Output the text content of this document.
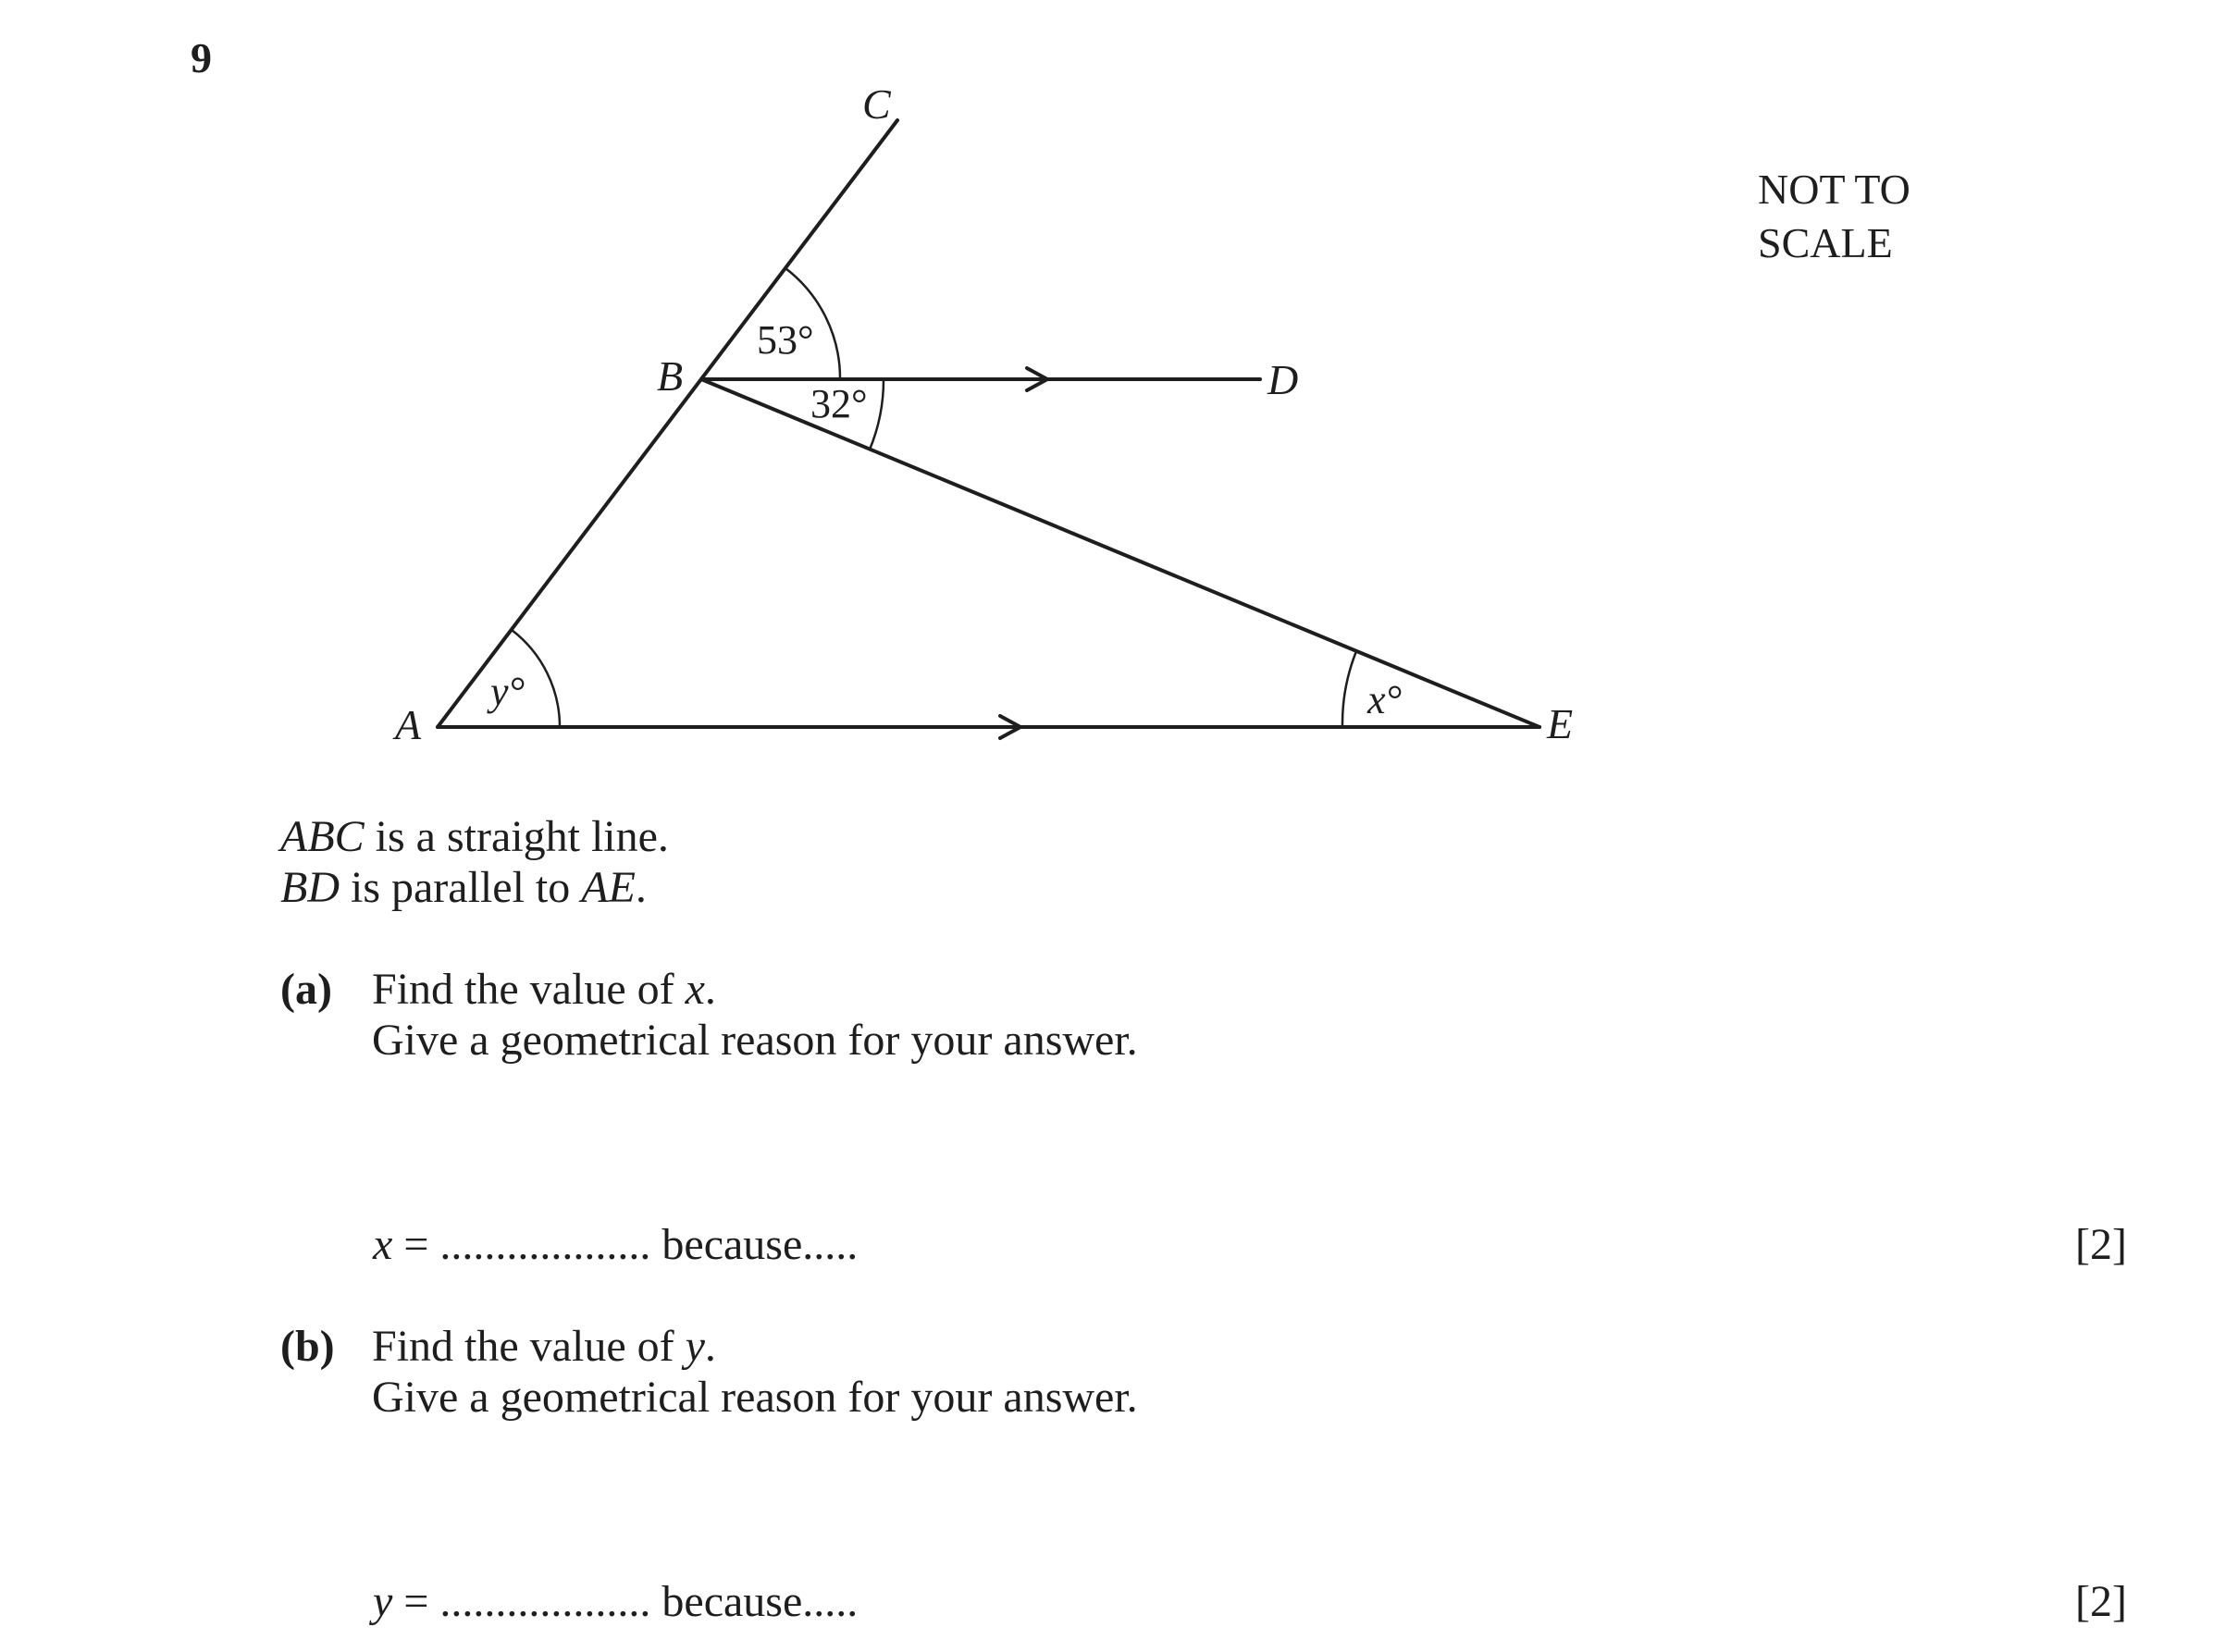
9
NOT TO
SCALE
C
B	D
A	E
53°
32°
y°	x°
ABC is a straight line.
BD is parallel to AE.
(a) Find the value of x.
Give a geometrical reason for your answer.
x = ................... because.....	[2]
(b) Find the value of y.
Give a geometrical reason for your answer.
y = ................... because.....	[2]
